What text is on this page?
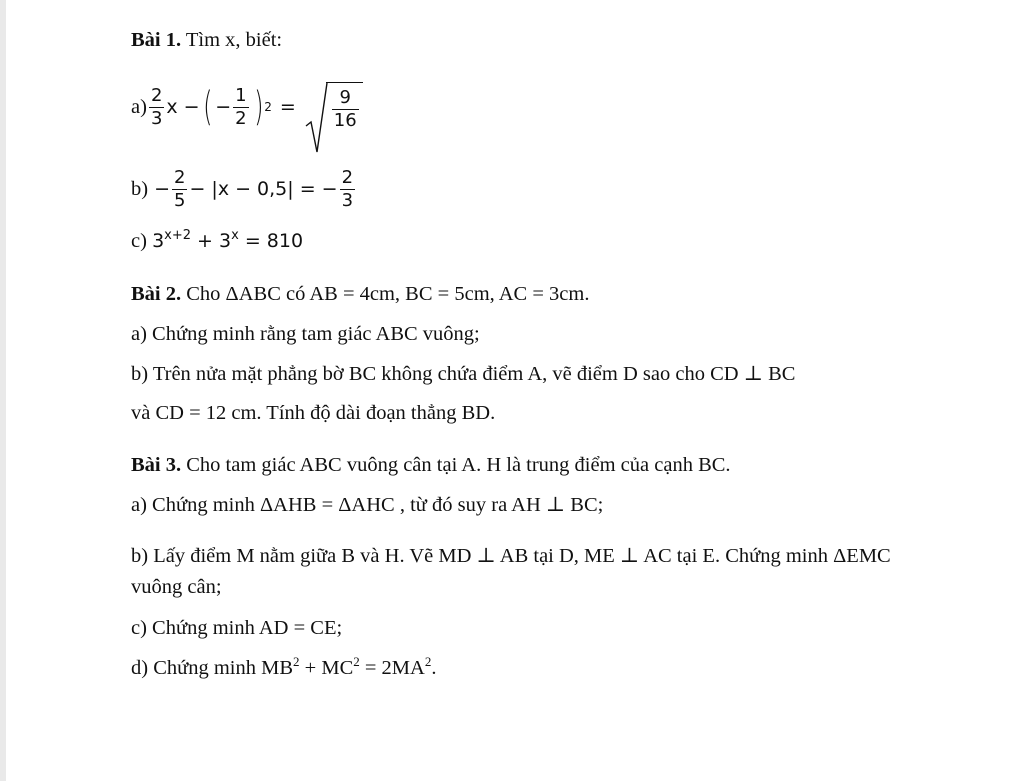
Bài 1. Tìm x, biết:
$a) \frac{2}{3}$ x − ( − $\frac{1}{2}$ ) $2 = \frac{9}{16}$
$b) - \frac{2}{5} - |x - 0,5|$ = − $\frac{2}{3}$
c) $3^{x+2} + 3^x = 810$
Bài 2. Cho ΔABC có AB = 4cm, BC = 5cm, AC = 3cm.
a) Chứng minh rằng tam giác ABC vuông;
b) Trên nửa mặt phẳng bờ BC không chứa điểm A, vẽ điểm D sao cho CD ⊥ BC
và CD = 12 cm. Tính độ dài đoạn thẳng BD.
Bài 3. Cho tam giác ABC vuông cân tại A. H là trung điểm của cạnh BC.
a) Chứng minh ΔAHB = ΔAHC , từ đó suy ra AH ⊥ BC;
b) Lấy điểm M nằm giữa B và H. Vẽ MD ⊥ AB tại D, ME ⊥ AC tại E. Chứng minh ΔEMC
vuông cân;
c) Chứng minh AD = CE;
d) Chứng minh $MB^2 + MC^2 = 2MA^2$.
